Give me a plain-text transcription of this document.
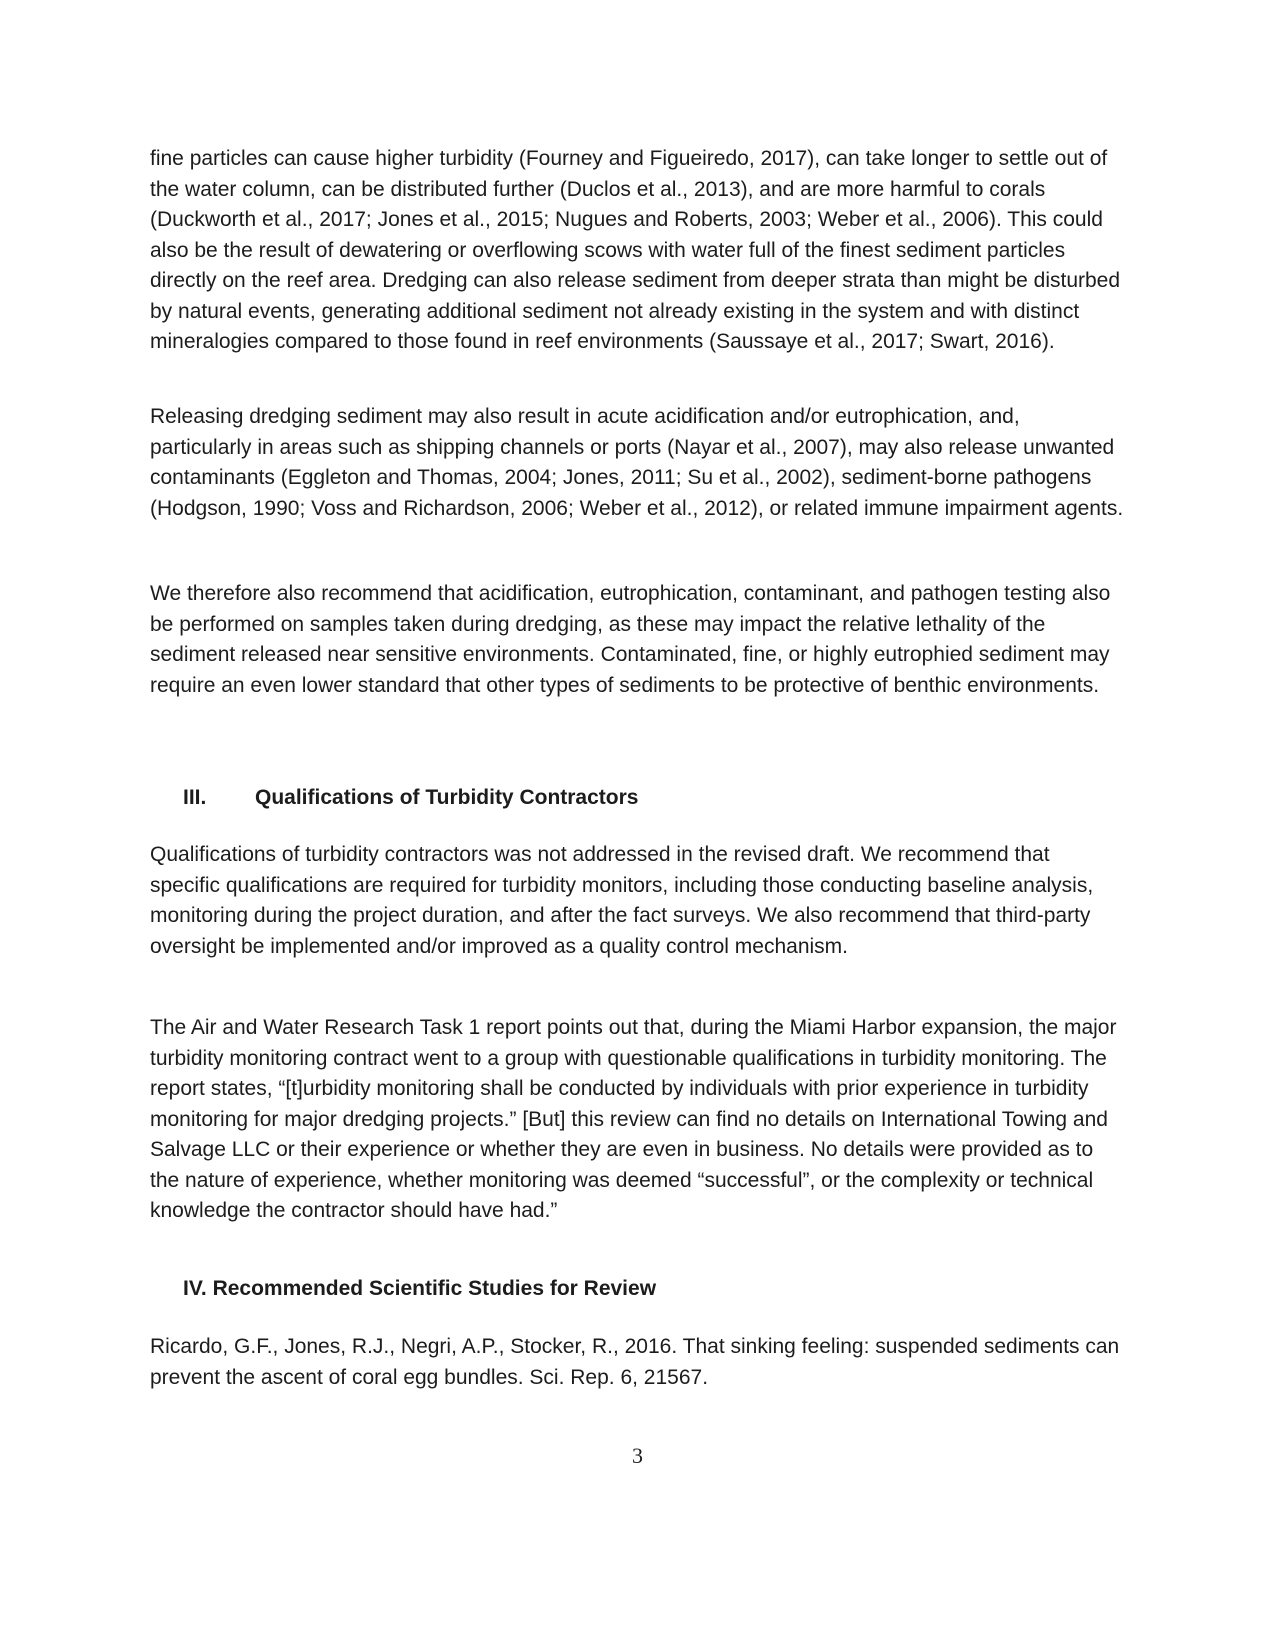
fine particles can cause higher turbidity (Fourney and Figueiredo, 2017), can take longer to settle out of the water column, can be distributed further (Duclos et al., 2013), and are more harmful to corals (Duckworth et al., 2017; Jones et al., 2015; Nugues and Roberts, 2003; Weber et al., 2006). This could also be the result of dewatering or overflowing scows with water full of the finest sediment particles directly on the reef area. Dredging can also release sediment from deeper strata than might be disturbed by natural events, generating additional sediment not already existing in the system and with distinct mineralogies compared to those found in reef environments (Saussaye et al., 2017; Swart, 2016).

Releasing dredging sediment may also result in acute acidification and/or eutrophication, and, particularly in areas such as shipping channels or ports (Nayar et al., 2007), may also release unwanted contaminants (Eggleton and Thomas, 2004; Jones, 2011; Su et al., 2002), sediment-borne pathogens (Hodgson, 1990; Voss and Richardson, 2006; Weber et al., 2012), or related immune impairment agents.

We therefore also recommend that acidification, eutrophication, contaminant, and pathogen testing also be performed on samples taken during dredging, as these may impact the relative lethality of the sediment released near sensitive environments. Contaminated, fine, or highly eutrophied sediment may require an even lower standard that other types of sediments to be protective of benthic environments.

III. Qualifications of Turbidity Contractors

Qualifications of turbidity contractors was not addressed in the revised draft. We recommend that specific qualifications are required for turbidity monitors, including those conducting baseline analysis, monitoring during the project duration, and after the fact surveys. We also recommend that third-party oversight be implemented and/or improved as a quality control mechanism.

The Air and Water Research Task 1 report points out that, during the Miami Harbor expansion, the major turbidity monitoring contract went to a group with questionable qualifications in turbidity monitoring. The report states, “[t]urbidity monitoring shall be conducted by individuals with prior experience in turbidity monitoring for major dredging projects.” [But] this review can find no details on International Towing and Salvage LLC or their experience or whether they are even in business. No details were provided as to the nature of experience, whether monitoring was deemed “successful”, or the complexity or technical knowledge the contractor should have had.”

IV. Recommended Scientific Studies for Review

Ricardo, G.F., Jones, R.J., Negri, A.P., Stocker, R., 2016. That sinking feeling: suspended sediments can prevent the ascent of coral egg bundles. Sci. Rep. 6, 21567.

3
